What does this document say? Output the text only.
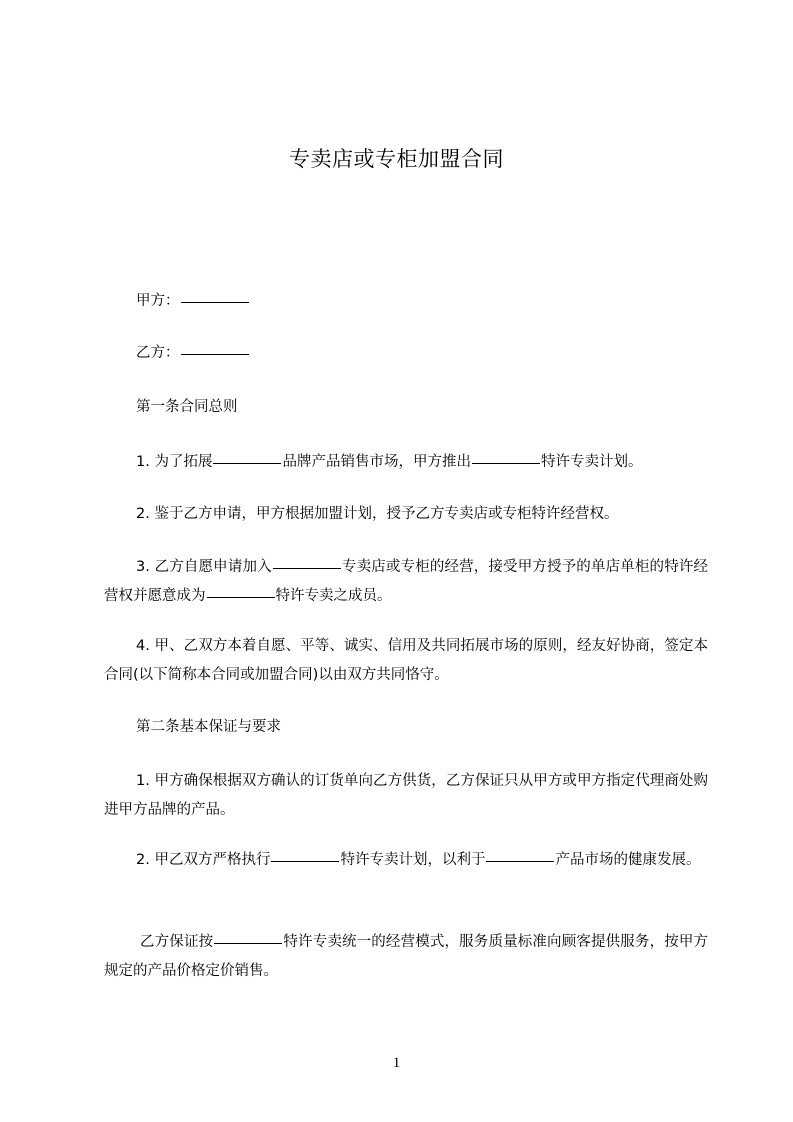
专卖店或专柜加盟合同
甲方：
乙方：
第一条合同总则
1. 为了拓展	品牌产品销售市场，甲方推出	特许专卖计划。
2. 鉴于乙方申请，甲方根据加盟计划，授予乙方专卖店或专柜特许经营权。
3. 乙方自愿申请加入	专卖店或专柜的经营，接受甲方授予的单店单柜的特许经营权并愿意成为	特许专卖之成员。
4. 甲、乙双方本着自愿、平等、诚实、信用及共同拓展市场的原则，经友好协商，签定本合同(以下简称本合同或加盟合同)以由双方共同恪守。
第二条基本保证与要求
1. 甲方确保根据双方确认的订货单向乙方供货，乙方保证只从甲方或甲方指定代理商处购进甲方品牌的产品。
2. 甲乙双方严格执行	特许专卖计划，以利于	产品市场的健康发展。
乙方保证按	特许专卖统一的经营模式，服务质量标准向顾客提供服务，按甲方规定的产品价格定价销售。
1
